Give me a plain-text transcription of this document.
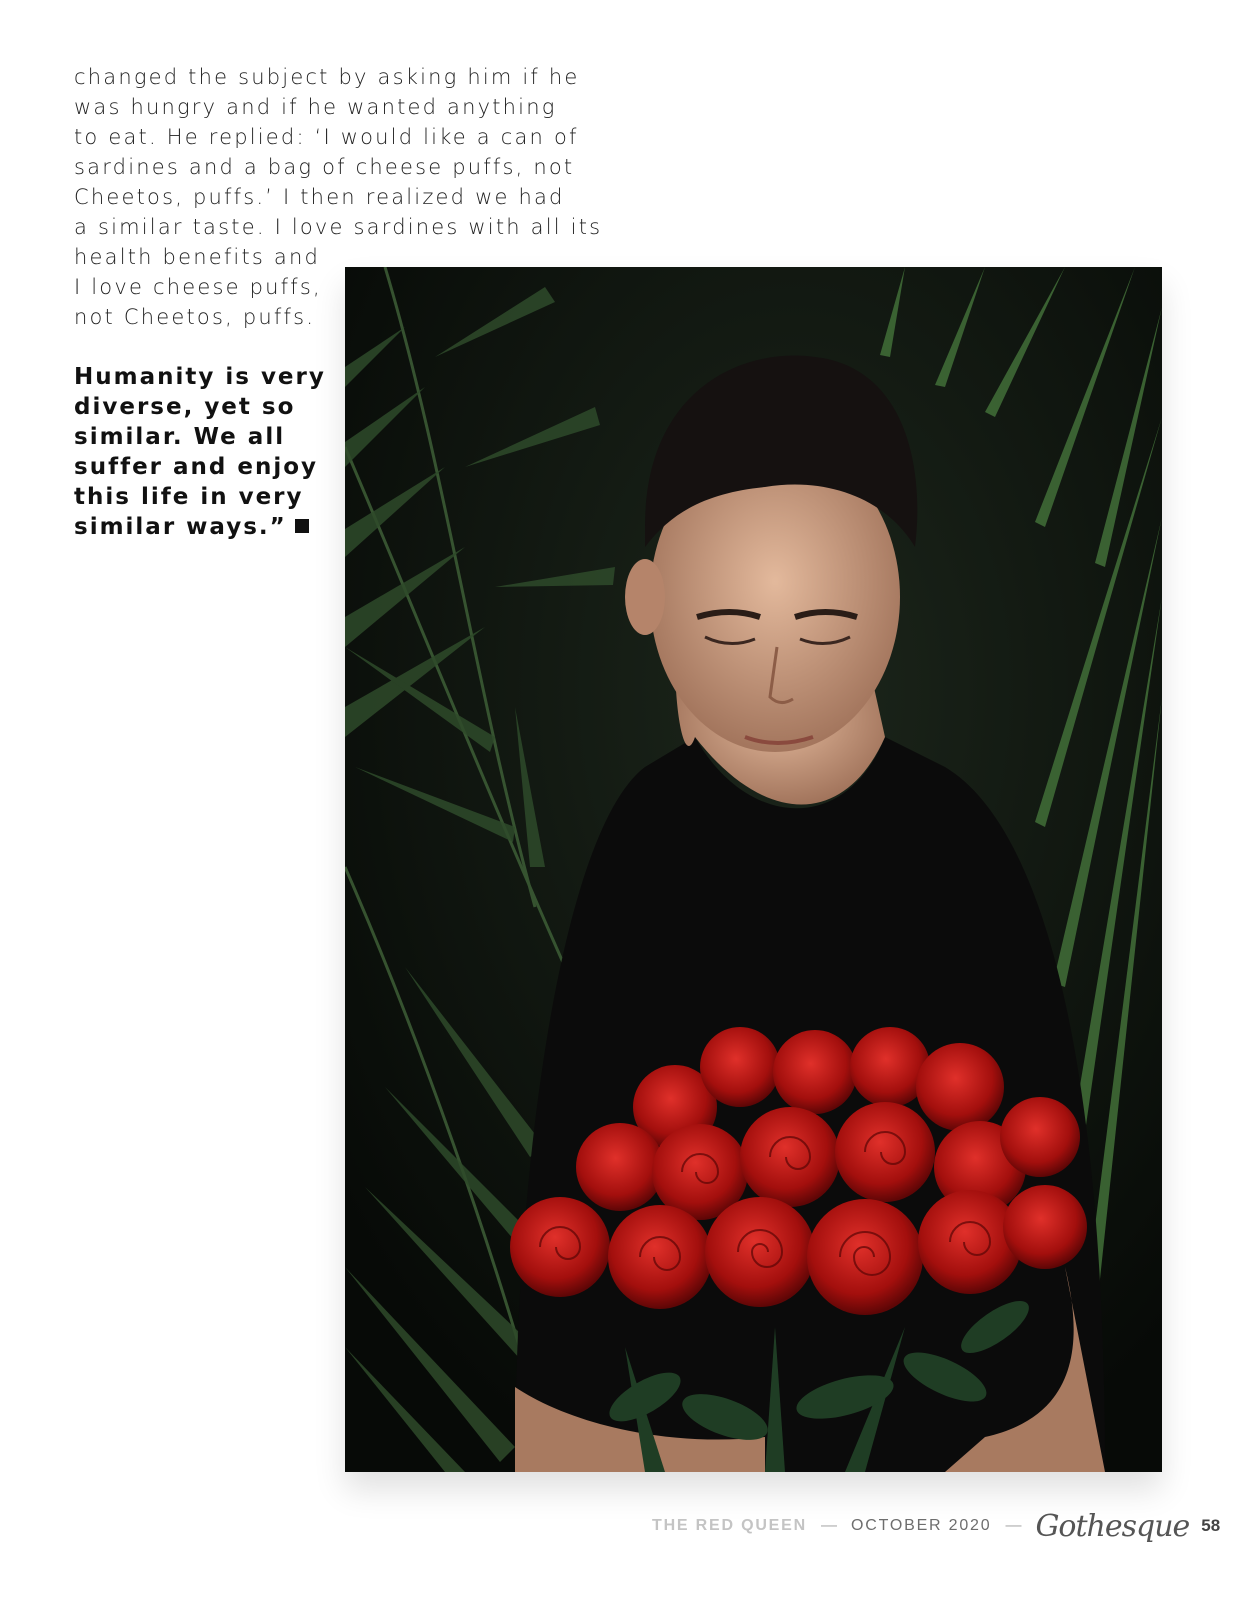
changed the subject by asking him if he
was hungry and if he wanted anything
to eat. He replied: ‘I would like a can of
sardines and a bag of cheese puffs, not
Cheetos, puffs.’ I then realized we had
a similar taste. I love sardines with all its
health benefits and
I love cheese puffs,
not Cheetos, puffs.
Humanity is very
diverse, yet so
similar. We all
suffer and enjoy
this life in very
similar ways.”
THE RED QUEEN — OCTOBER 2020 — Gothesque 58
